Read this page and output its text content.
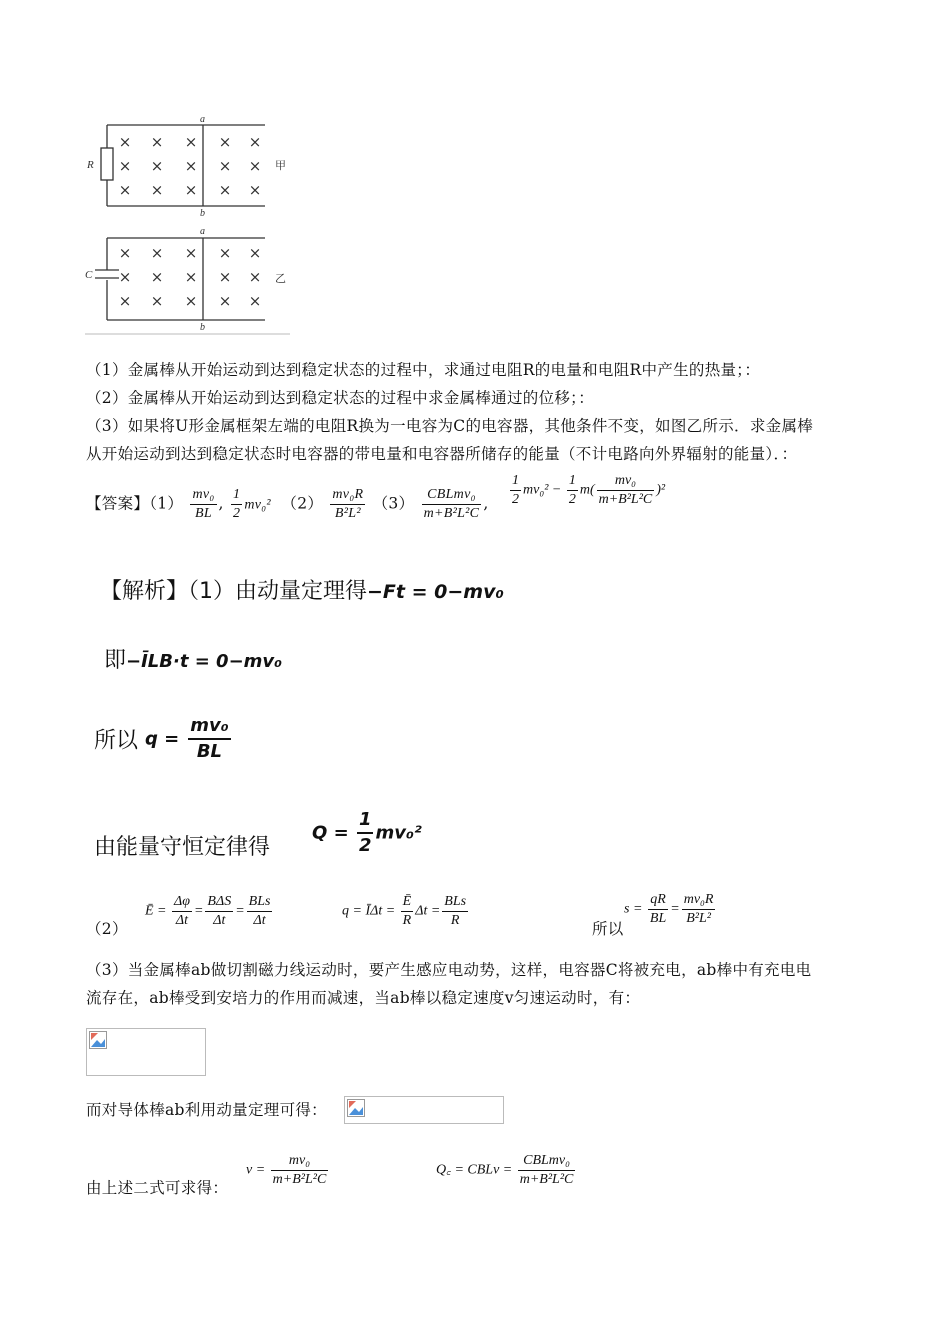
× × × × ×
× × × × ×
× × × × ×
a
b
R	甲
× × × × ×
× × × × ×
× × × × ×
a
b
C	乙
（1）金属棒从开始运动到达到稳定状态的过程中，求通过电阻R的电量和电阻R中产生的热量；：
（2）金属棒从开始运动到达到稳定状态的过程中求金属棒通过的位移；：
（3）如果将U形金属框架左端的电阻R换为一电容为C的电容器，其他条件不变，如图乙所示．求金属棒
从开始运动到达到稳定状态时电容器的带电量和电容器所储存的能量（不计电路向外界辐射的能量）．：
【答案】$(1) \frac{\text{mv₀}}{BL}$ , $\frac{1}{2} mv_0^2$ $(2) \frac{\text{mv₀R}}{\text{B²L²}} (3) \frac{\text{CBLmv₀}}{\text{m+B²L²C}}$ , $\frac{1}{2} mv_0^2 - \frac{1}{2} m( \frac{\text{mv₀}}{\text{m+B²L²C}} )^2$
【解析】（1）由动量定理得−Ft = 0−mv₀
即−ĪLB·t = 0−mv₀
所以 $q = \frac{\text{mv₀}}{BL}$
由能量守恒定律得
$Q = \frac{1}{2} mv_0^2$
（2）
Ē = $\frac{\Delta\varphi}{\Delta t} = \frac{\text{BΔS}}{\Delta t} = \frac{\text{BLs}}{\Delta t}$	q = ĪΔt = $\frac{Ē}{R}$ $\Delta t = \frac{\text{BLs}}{R}$	所以
$s = \frac{qR}{BL} = \frac{\text{mv₀R}}{\text{B²L²}}$
（3）当金属棒ab做切割磁力线运动时，要产生感应电动势，这样，电容器C将被充电，ab棒中有充电电
流存在，ab棒受到安培力的作用而减速，当ab棒以稳定速度v匀速运动时，有：
而对导体棒ab利用动量定理可得：
由上述二式可求得：
$v = \frac{\text{mv₀}}{\text{m+B²L²C}}$	Q꜀ = CBLv = $\frac{\text{CBLmv₀}}{\text{m+B²L²C}}$
